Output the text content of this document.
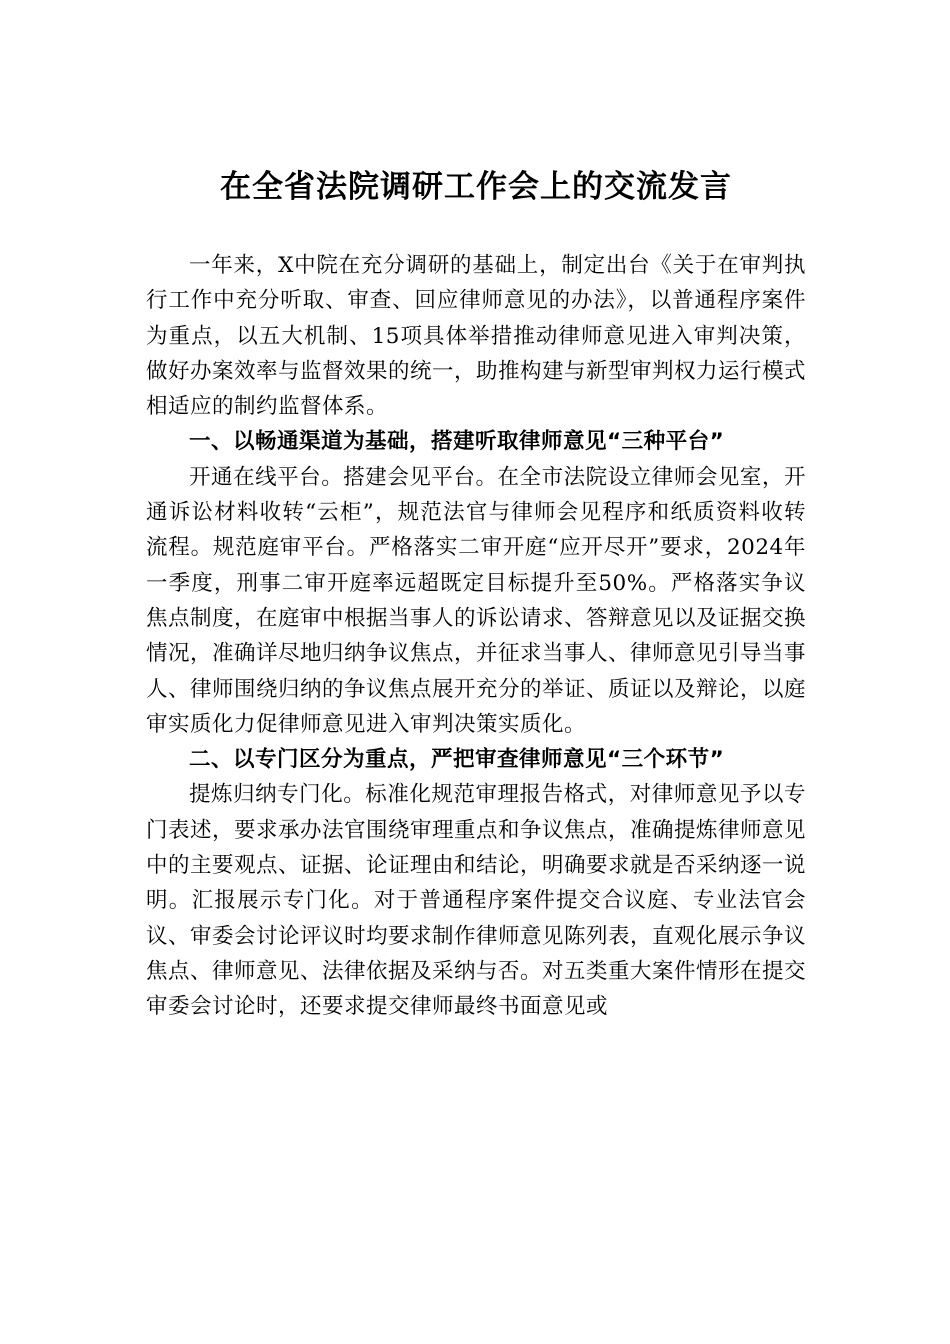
在全省法院调研工作会上的交流发言

一年来，X中院在充分调研的基础上，制定出台《关于在审判执行工作中充分听取、审查、回应律师意见的办法》，以普通程序案件为重点，以五大机制、15项具体举措推动律师意见进入审判决策，做好办案效率与监督效果的统一，助推构建与新型审判权力运行模式相适应的制约监督体系。

一、以畅通渠道为基础，搭建听取律师意见“三种平台”

开通在线平台。搭建会见平台。在全市法院设立律师会见室，开通诉讼材料收转“云柜”，规范法官与律师会见程序和纸质资料收转流程。规范庭审平台。严格落实二审开庭“应开尽开”要求，2024年一季度，刑事二审开庭率远超既定目标提升至50%。严格落实争议焦点制度，在庭审中根据当事人的诉讼请求、答辩意见以及证据交换情况，准确详尽地归纳争议焦点，并征求当事人、律师意见引导当事人、律师围绕归纳的争议焦点展开充分的举证、质证以及辩论，以庭审实质化力促律师意见进入审判决策实质化。

二、以专门区分为重点，严把审查律师意见“三个环节”

提炼归纳专门化。标准化规范审理报告格式，对律师意见予以专门表述，要求承办法官围绕审理重点和争议焦点，准确提炼律师意见中的主要观点、证据、论证理由和结论，明确要求就是否采纳逐一说明。汇报展示专门化。对于普通程序案件提交合议庭、专业法官会议、审委会讨论评议时均要求制作律师意见陈列表，直观化展示争议焦点、律师意见、法律依据及采纳与否。对五类重大案件情形在提交审委会讨论时，还要求提交律师最终书面意见或
